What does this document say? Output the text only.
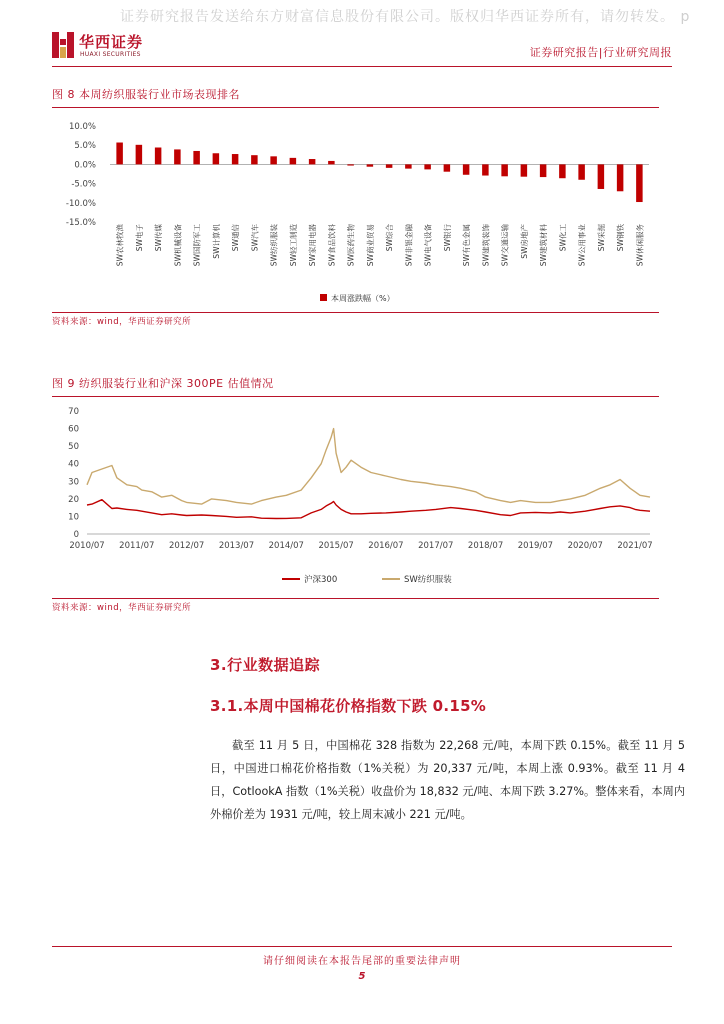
证券研究报告发送给东方财富信息股份有限公司。版权归华西证券所有，请勿转发。 p
华西证券
HUAXI SECURITIES	证券研究报告|行业研究周报
图 8 本周纺织服装行业市场表现排名
10.0%
5.0%
0.0%
-5.0%
-10.0%
-15.0%
SW农林牧渔 SW电子 SW传媒 SW机械设备 SW国防军工 SW计算机 SW通信 SW汽车 SW纺织服装 SW轻工制造 SW家用电器 SW食品饮料 SW医药生物 SW商业贸易 SW综合 SW非银金融 SW电气设备 SW银行 SW有色金属 SW建筑装饰 SW交通运输 SW房地产 SW建筑材料 SW化工 SW公用事业 SW采掘 SW钢铁 SW休闲服务
本周涨跌幅（%）
资料来源：wind，华西证券研究所
图 9 纺织服装行业和沪深 300PE 估值情况
0
10
20
30
40
50
60
70
2010/07 2011/07 2012/07 2013/07 2014/07 2015/07 2016/07 2017/07 2018/07 2019/07 2020/07 2021/07
沪深300	SW纺织服装
资料来源：wind，华西证券研究所
3.行业数据追踪
3.1.本周中国棉花价格指数下跌 0.15%

截至 11 月 5 日，中国棉花 328 指数为 22,268 元/吨，本周下跌 0.15%。截至 11 月 5 日，中国进口棉花价格指数（1%关税）为 20,337 元/吨，本周上涨 0.93%。截至 11 月 4 日，CotlookA 指数（1%关税）收盘价为 18,832 元/吨、本周下跌 3.27%。整体来看，本周内外棉价差为 1931 元/吨，较上周末减小 221 元/吨。

请仔细阅读在本报告尾部的重要法律声明
5
